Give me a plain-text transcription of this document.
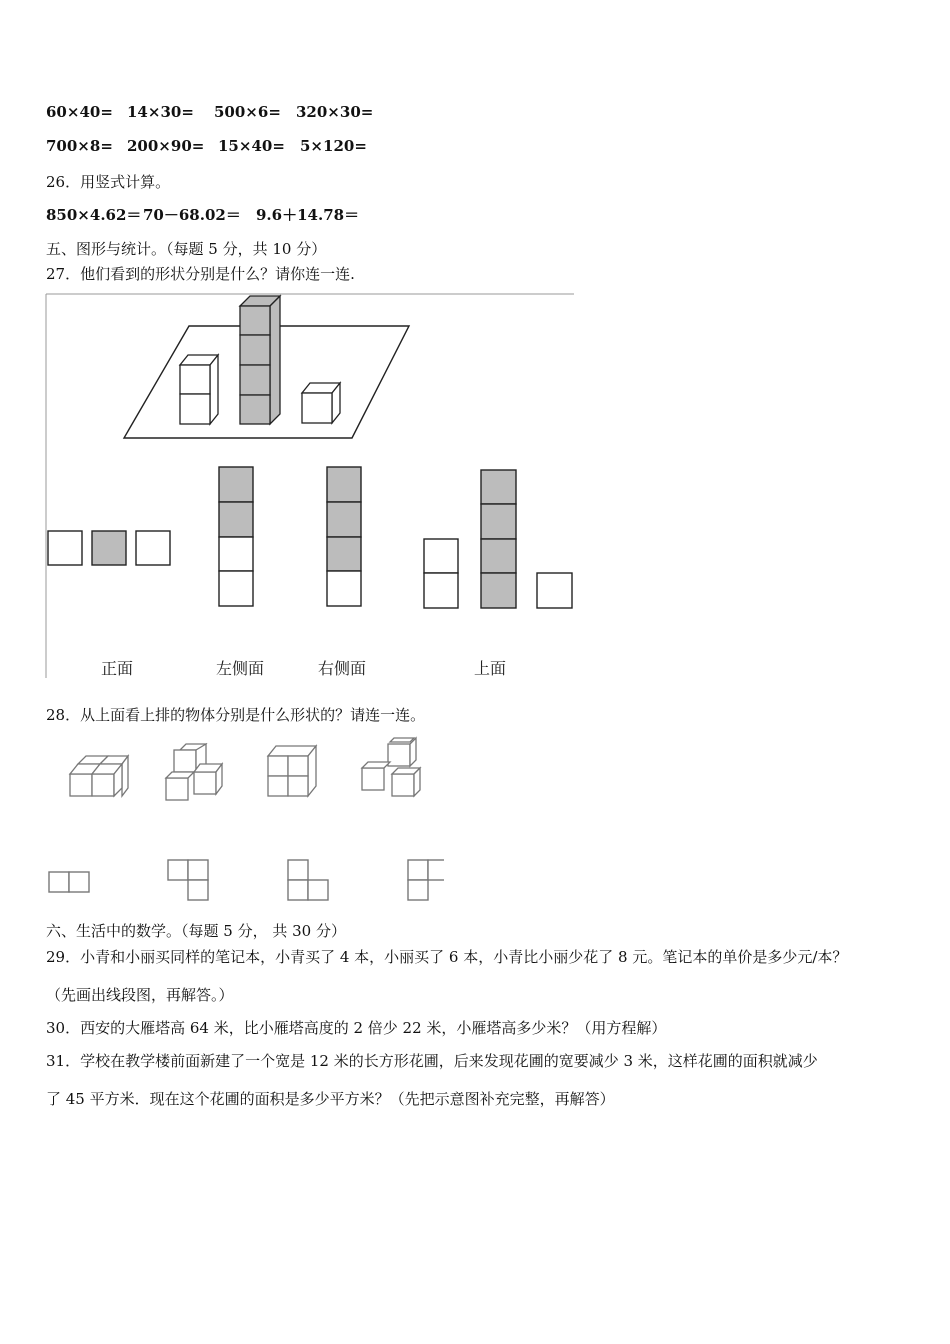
60×40= 14×30= 500×6= 320×30=
700×8= 200×90= 15×40= 5×120=
26．用竖式计算。
850×4.62＝ 70－68.02＝ 9.6＋14.78＝
五、图形与统计。（每题 5 分，共 10 分）
27．他们看到的形状分别是什么？请你连一连.
正面	左侧面	右侧面	上面
28．从上面看上排的物体分别是什么形状的？请连一连。
六、生活中的数学。（每题 5 分， 共 30 分）
29．小青和小丽买同样的笔记本，小青买了 4 本，小丽买了 6 本，小青比小丽少花了 8 元。笔记本的单价是多少元/本？
（先画出线段图，再解答。）
30．西安的大雁塔高 64 米，比小雁塔高度的 2 倍少 22 米，小雁塔高多少米？（用方程解）
31．学校在教学楼前面新建了一个宽是 12 米的长方形花圃，后来发现花圃的宽要减少 3 米，这样花圃的面积就减少
了 45 平方米．现在这个花圃的面积是多少平方米？（先把示意图补充完整，再解答）
